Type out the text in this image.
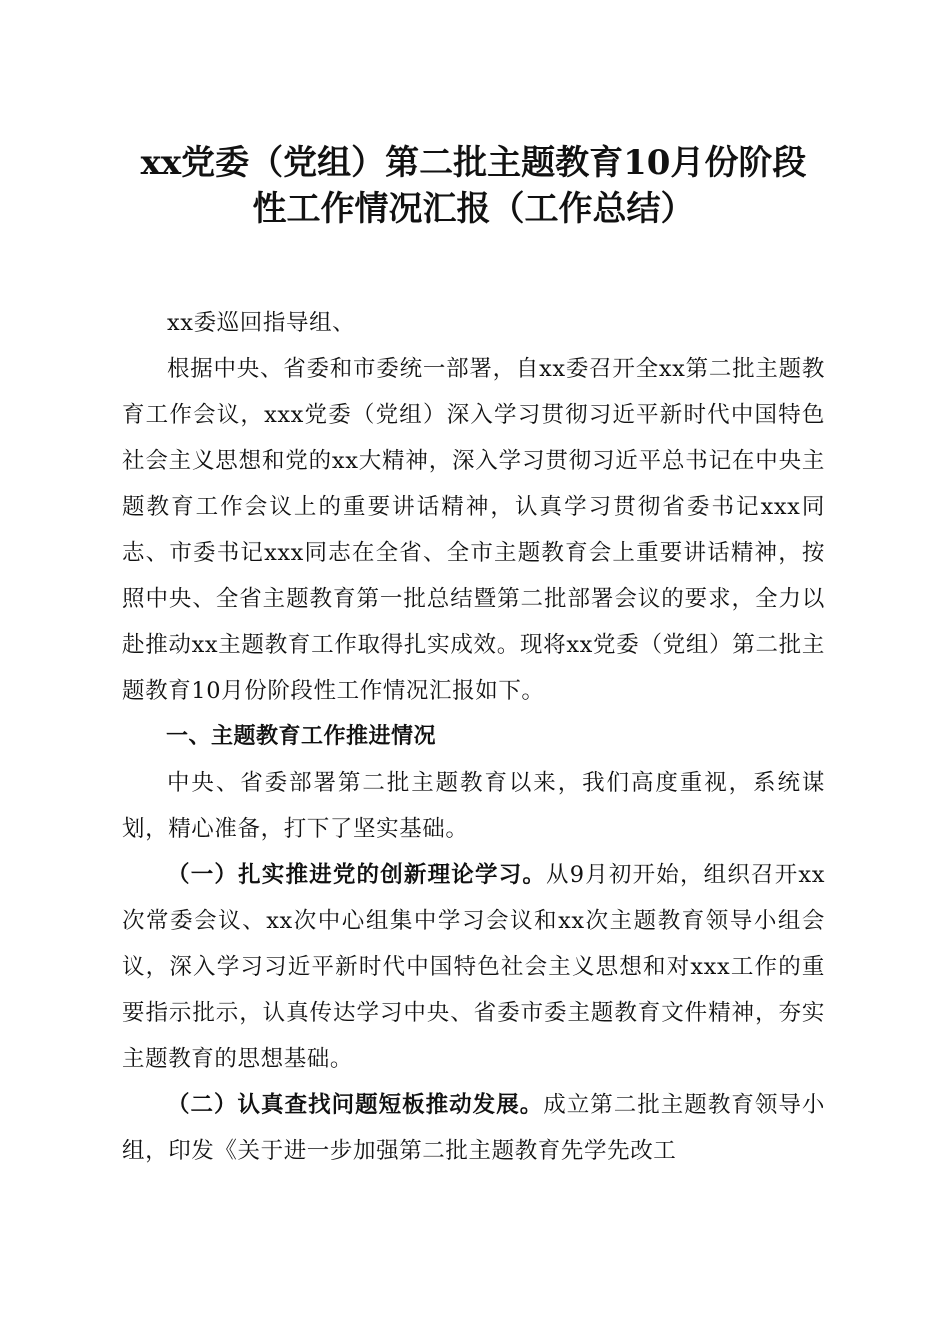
xx党委（党组）第二批主题教育10月份阶段
性工作情况汇报（工作总结）

xx委巡回指导组、

根据中央、省委和市委统一部署，自xx委召开全xx第二批主题教育工作会议，xxx党委（党组）深入学习贯彻习近平新时代中国特色社会主义思想和党的xx大精神，深入学习贯彻习近平总书记在中央主题教育工作会议上的重要讲话精神，认真学习贯彻省委书记xxx同志、市委书记xxx同志在全省、全市主题教育会上重要讲话精神，按照中央、全省主题教育第一批总结暨第二批部署会议的要求，全力以赴推动xx主题教育工作取得扎实成效。现将xx党委（党组）第二批主题教育10月份阶段性工作情况汇报如下。

一、主题教育工作推进情况

中央、省委部署第二批主题教育以来，我们高度重视，系统谋划，精心准备，打下了坚实基础。

（一）扎实推进党的创新理论学习。从9月初开始，组织召开xx次常委会议、xx次中心组集中学习会议和xx次主题教育领导小组会议，深入学习习近平新时代中国特色社会主义思想和对xxx工作的重要指示批示，认真传达学习中央、省委市委主题教育文件精神，夯实主题教育的思想基础。

（二）认真查找问题短板推动发展。成立第二批主题教育领导小组，印发《关于进一步加强第二批主题教育先学先改工
